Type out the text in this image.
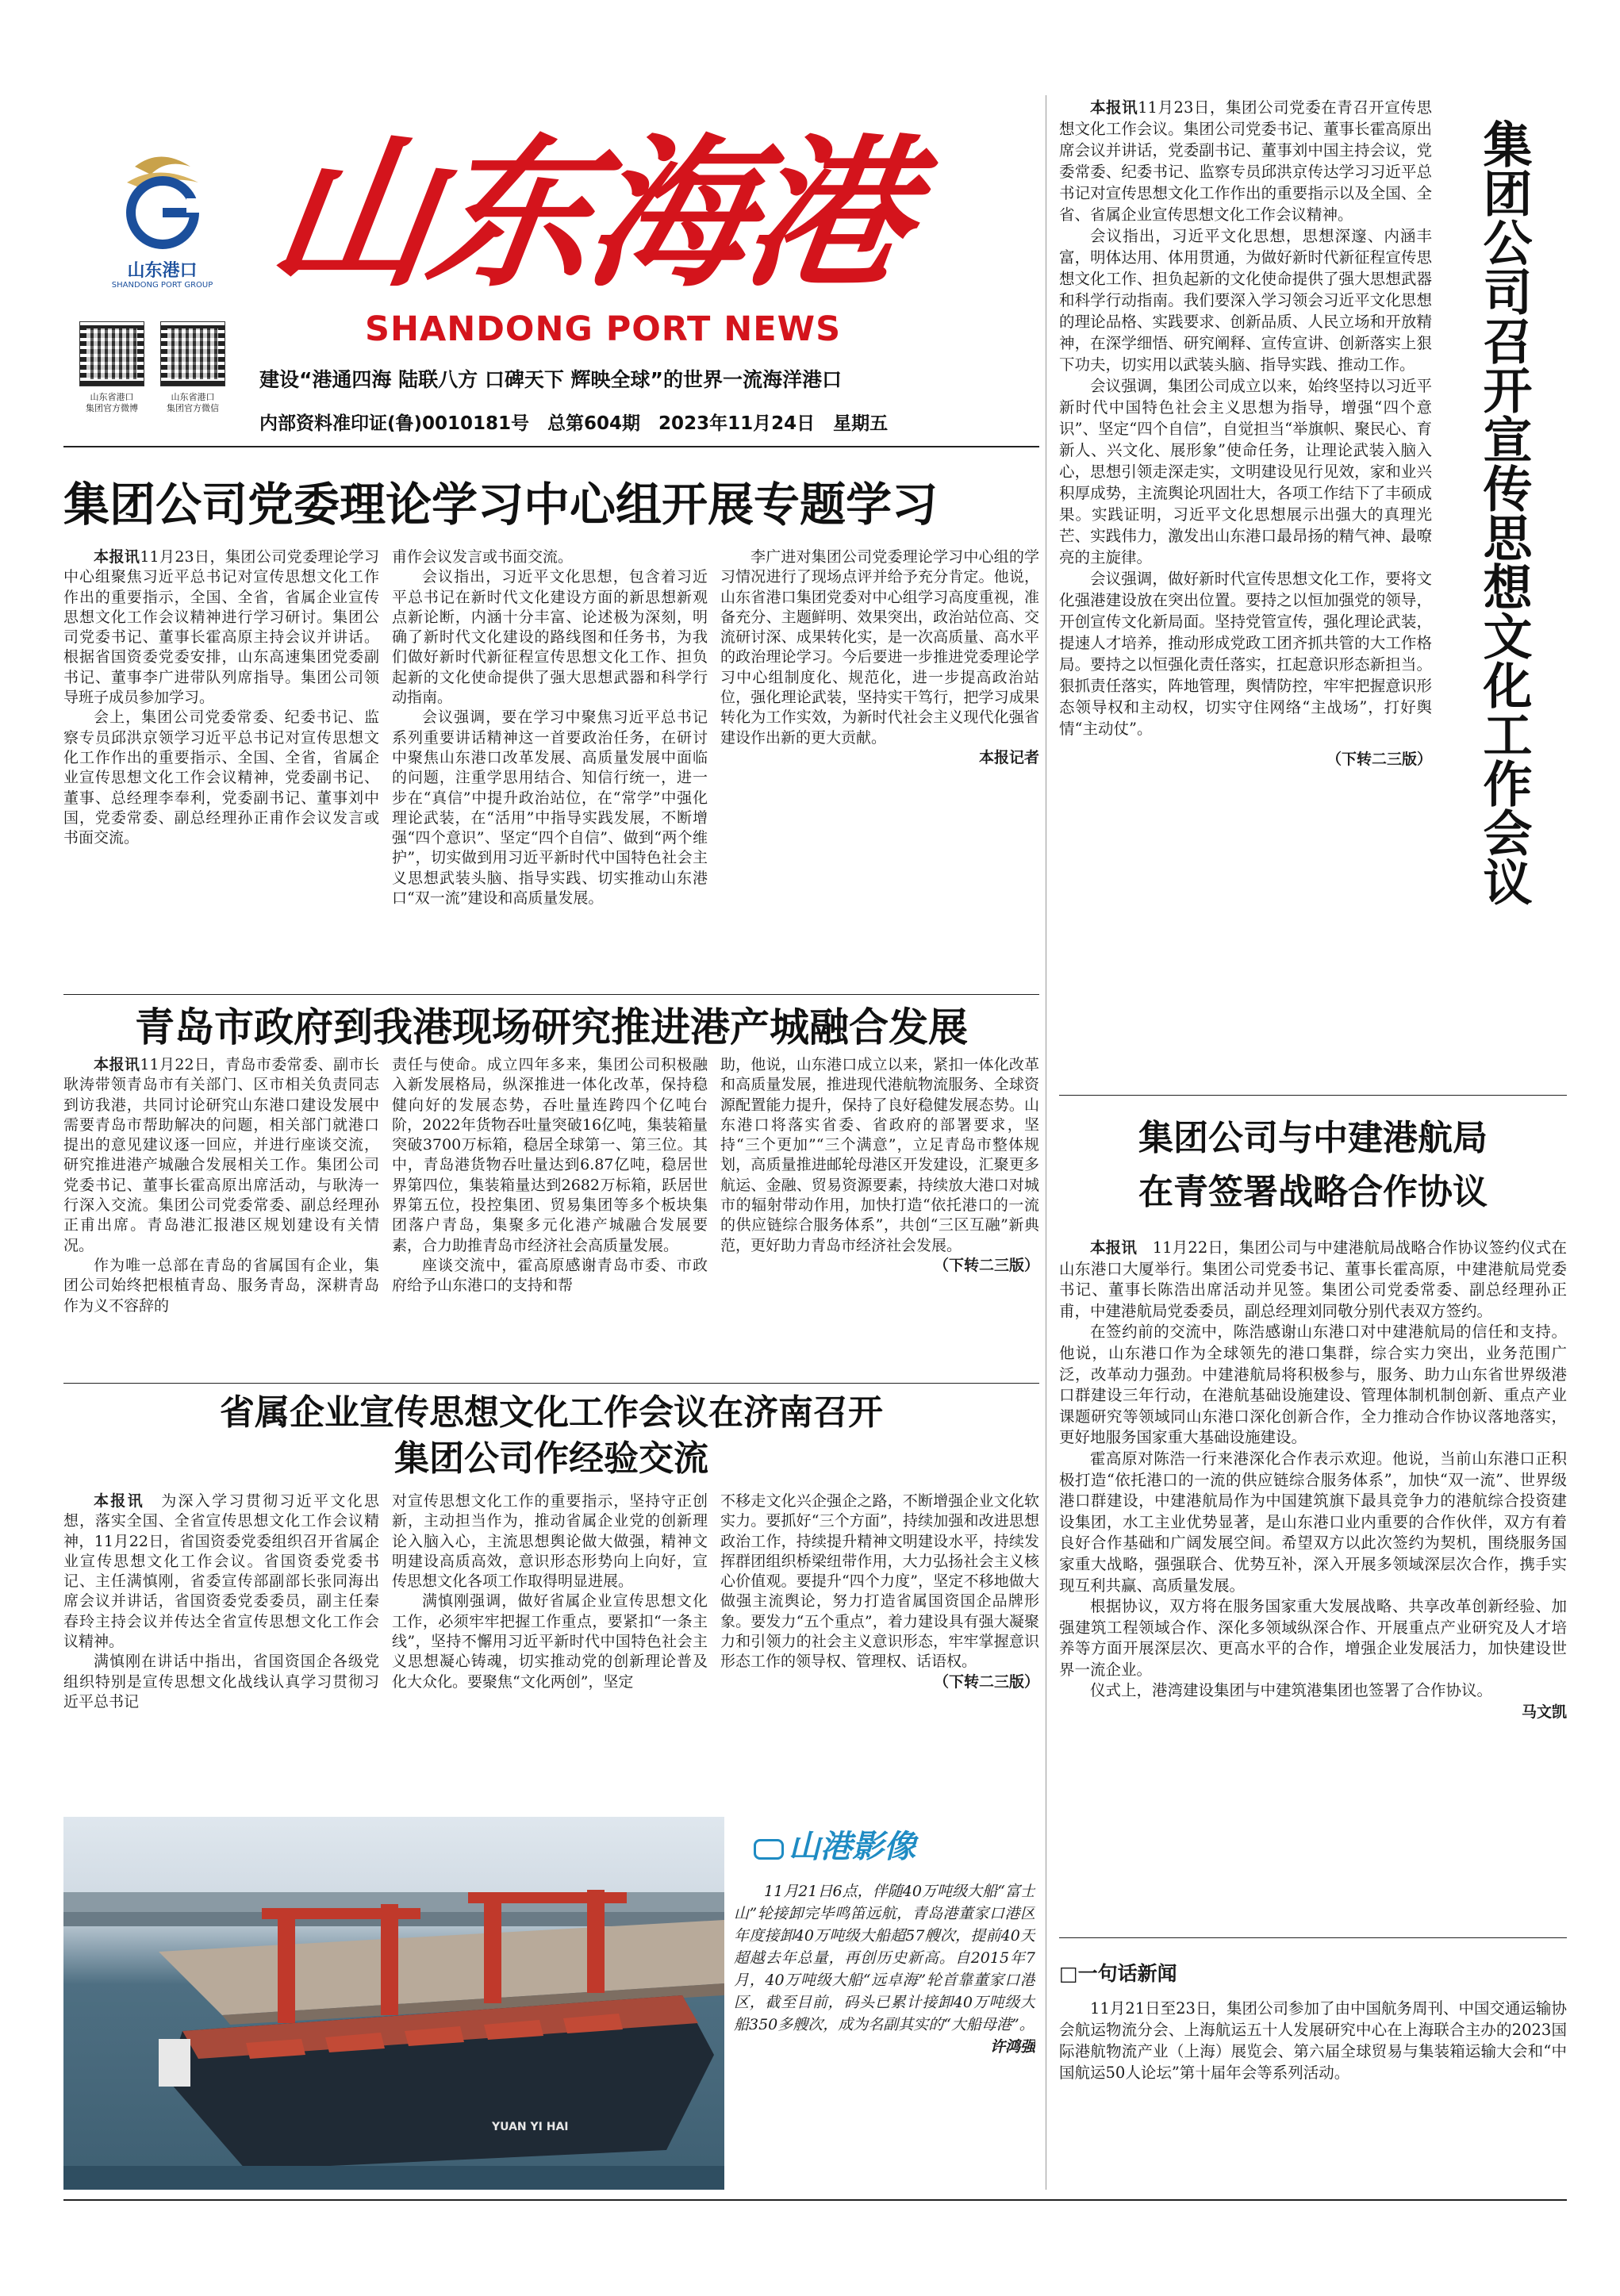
山东港口
SHANDONG PORT GROUP 山东海港
SHANDONG PORT NEWS
山东省港口
集团官方微博
山东省港口
集团官方微信
建设“港通四海 陆联八方 口碑天下 辉映全球”的世界一流海洋港口
内部资料准印证(鲁)0010181号　总第604期　2023年11月24日　星期五
集团公司党委理论学习中心组开展专题学习

本报讯11月23日，集团公司党委理论学习中心组聚焦习近平总书记对宣传思想文化工作作出的重要指示，全国、全省，省属企业宣传思想文化工作会议精神进行学习研讨。集团公司党委书记、董事长霍高原主持会议并讲话。根据省国资委党委安排，山东高速集团党委副书记、董事李广进带队列席指导。集团公司领导班子成员参加学习。

会上，集团公司党委常委、纪委书记、监察专员邱洪京领学习近平总书记对宣传思想文化工作作出的重要指示、全国、全省，省属企业宣传思想文化工作会议精神，党委副书记、董事、总经理李奉利，党委副书记、董事刘中国，党委常委、副总经理孙正甫作会议发言或书面交流。

甫作会议发言或书面交流。

会议指出，习近平文化思想，包含着习近平总书记在新时代文化建设方面的新思想新观点新论断，内涵十分丰富、论述极为深刻，明确了新时代文化建设的路线图和任务书，为我们做好新时代新征程宣传思想文化工作、担负起新的文化使命提供了强大思想武器和科学行动指南。

会议强调，要在学习中聚焦习近平总书记系列重要讲话精神这一首要政治任务，在研讨中聚焦山东港口改革发展、高质量发展中面临的问题，注重学思用结合、知信行统一，进一步在“真信”中提升政治站位，在“常学”中强化理论武装，在“活用”中指导实践发展，不断增强“四个意识”、坚定“四个自信”、做到“两个维护”，切实做到用习近平新时代中国特色社会主义思想武装头脑、指导实践、切实推动山东港口“双一流”建设和高质量发展。

李广进对集团公司党委理论学习中心组的学习情况进行了现场点评并给予充分肯定。他说，山东省港口集团党委对中心组学习高度重视，准备充分、主题鲜明、效果突出，政治站位高、交流研讨深、成果转化实，是一次高质量、高水平的政治理论学习。今后要进一步推进党委理论学习中心组制度化、规范化，进一步提高政治站位，强化理论武装，坚持实干笃行，把学习成果转化为工作实效，为新时代社会主义现代化强省建设作出新的更大贡献。

本报记者

青岛市政府到我港现场研究推进港产城融合发展

本报讯11月22日，青岛市委常委、副市长耿涛带领青岛市有关部门、区市相关负责同志到访我港，共同讨论研究山东港口建设发展中需要青岛市帮助解决的问题，相关部门就港口提出的意见建议逐一回应，并进行座谈交流，研究推进港产城融合发展相关工作。集团公司党委书记、董事长霍高原出席活动，与耿涛一行深入交流。集团公司党委常委、副总经理孙正甫出席。青岛港汇报港区规划建设有关情况。

作为唯一总部在青岛的省属国有企业，集团公司始终把根植青岛、服务青岛，深耕青岛作为义不容辞的

责任与使命。成立四年多来，集团公司积极融入新发展格局，纵深推进一体化改革，保持稳健向好的发展态势，吞吐量连跨四个亿吨台阶，2022年货物吞吐量突破16亿吨，集装箱量突破3700万标箱，稳居全球第一、第三位。其中，青岛港货物吞吐量达到6.87亿吨，稳居世界第四位，集装箱量达到2682万标箱，跃居世界第五位，投控集团、贸易集团等多个板块集团落户青岛，集聚多元化港产城融合发展要素，合力助推青岛市经济社会高质量发展。

座谈交流中，霍高原感谢青岛市委、市政府给予山东港口的支持和帮

助，他说，山东港口成立以来，紧扣一体化改革和高质量发展，推进现代港航物流服务、全球资源配置能力提升，保持了良好稳健发展态势。山东港口将落实省委、省政府的部署要求，坚持“三个更加”“三个满意”，立足青岛市整体规划，高质量推进邮轮母港区开发建设，汇聚更多航运、金融、贸易资源要素，持续放大港口对城市的辐射带动作用，加快打造“依托港口的一流的供应链综合服务体系”，共创“三区互融”新典范，更好助力青岛市经济社会发展。

（下转二三版）

省属企业宣传思想文化工作会议在济南召开
集团公司作经验交流

本报讯　 为深入学习贯彻习近平文化思想，落实全国、全省宣传思想文化工作会议精神，11月22日，省国资委党委组织召开省属企业宣传思想文化工作会议。省国资委党委书记、主任满慎刚，省委宣传部副部长张同海出席会议并讲话，省国资委党委委员，副主任秦春玲主持会议并传达全省宣传思想文化工作会议精神。

满慎刚在讲话中指出，省国资国企各级党组织特别是宣传思想文化战线认真学习贯彻习近平总书记

对宣传思想文化工作的重要指示，坚持守正创新，主动担当作为，推动省属企业党的创新理论入脑入心，主流思想舆论做大做强，精神文明建设高质高效，意识形态形势向上向好，宣传思想文化各项工作取得明显进展。

满慎刚强调，做好省属企业宣传思想文化工作，必须牢牢把握工作重点，要紧扣“一条主线”，坚持不懈用习近平新时代中国特色社会主义思想凝心铸魂，切实推动党的创新理论普及化大众化。要聚焦“文化两创”，坚定

不移走文化兴企强企之路，不断增强企业文化软实力。要抓好“三个方面”，持续加强和改进思想政治工作，持续提升精神文明建设水平，持续发挥群团组织桥梁纽带作用，大力弘扬社会主义核心价值观。要提升“四个力度”，坚定不移地做大做强主流舆论，努力打造省属国资国企品牌形象。要发力“五个重点”，着力建设具有强大凝聚力和引领力的社会主义意识形态，牢牢掌握意识形态工作的领导权、管理权、话语权。

（下转二三版）

YUAN YI HAI
山港影像

11月21日6点，伴随40万吨级大船“富士山”轮接卸完毕鸣笛远航，青岛港董家口港区年度接卸40万吨级大船超57艘次，提前40天超越去年总量，再创历史新高。自2015年7月，40万吨级大船“远卓海”轮首靠董家口港区，截至目前，码头已累计接卸40万吨级大船350多艘次，成为名副其实的“大船母港”。

许鸿强

本报讯11月23日，集团公司党委在青召开宣传思想文化工作会议。集团公司党委书记、董事长霍高原出席会议并讲话，党委副书记、董事刘中国主持会议，党委常委、纪委书记、监察专员邱洪京传达学习习近平总书记对宣传思想文化工作作出的重要指示以及全国、全省、省属企业宣传思想文化工作会议精神。

会议指出，习近平文化思想，思想深邃、内涵丰富，明体达用、体用贯通，为做好新时代新征程宣传思想文化工作、担负起新的文化使命提供了强大思想武器和科学行动指南。我们要深入学习领会习近平文化思想的理论品格、实践要求、创新品质、人民立场和开放精神，在深学细悟、研究阐释、宣传宣讲、创新落实上狠下功夫，切实用以武装头脑、指导实践、推动工作。

会议强调，集团公司成立以来，始终坚持以习近平新时代中国特色社会主义思想为指导，增强“四个意识”、坚定“四个自信”，自觉担当“举旗帜、聚民心、育新人、兴文化、展形象”使命任务，让理论武装入脑入心，思想引领走深走实，文明建设见行见效，家和业兴积厚成势，主流舆论巩固壮大，各项工作结下了丰硕成果。实践证明，习近平文化思想展示出强大的真理光芒、实践伟力，激发出山东港口最昂扬的精气神、最嘹亮的主旋律。

会议强调，做好新时代宣传思想文化工作，要将文化强港建设放在突出位置。要持之以恒加强党的领导，开创宣传文化新局面。坚持党管宣传，强化理论武装，提速人才培养，推动形成党政工团齐抓共管的大工作格局。要持之以恒强化责任落实，扛起意识形态新担当。狠抓责任落实，阵地管理，舆情防控，牢牢把握意识形态领导权和主动权，切实守住网络“主战场”，打好舆情“主动仗”。

（下转二三版） 集团公司召开宣传思想文化工作会议
集团公司与中建港航局
在青签署战略合作协议

本报讯　 11月22日，集团公司与中建港航局战略合作协议签约仪式在山东港口大厦举行。集团公司党委书记、董事长霍高原，中建港航局党委书记、董事长陈浩出席活动并见签。集团公司党委常委、副总经理孙正甫，中建港航局党委委员，副总经理刘同敬分别代表双方签约。

在签约前的交流中，陈浩感谢山东港口对中建港航局的信任和支持。他说，山东港口作为全球领先的港口集群，综合实力突出，业务范围广泛，改革动力强劲。中建港航局将积极参与，服务、助力山东省世界级港口群建设三年行动，在港航基础设施建设、管理体制机制创新、重点产业课题研究等领域同山东港口深化创新合作，全力推动合作协议落地落实，更好地服务国家重大基础设施建设。

霍高原对陈浩一行来港深化合作表示欢迎。他说，当前山东港口正积极打造“依托港口的一流的供应链综合服务体系”，加快“双一流”、世界级港口群建设，中建港航局作为中国建筑旗下最具竞争力的港航综合投资建设集团，水工主业优势显著，是山东港口业内重要的合作伙伴，双方有着良好合作基础和广阔发展空间。希望双方以此次签约为契机，围绕服务国家重大战略，强强联合、优势互补，深入开展多领域深层次合作，携手实现互利共赢、高质量发展。

根据协议，双方将在服务国家重大发展战略、共享改革创新经验、加强建筑工程领域合作、深化多领域纵深合作、开展重点产业研究及人才培养等方面开展深层次、更高水平的合作，增强企业发展活力，加快建设世界一流企业。

仪式上，港湾建设集团与中建筑港集团也签署了合作协议。

马文凯

□一句话新闻

11月21日至23日，集团公司参加了由中国航务周刊、中国交通运输协会航运物流分会、上海航运五十人发展研究中心在上海联合主办的2023国际港航物流产业（上海）展览会、第六届全球贸易与集装箱运输大会和“中国航运50人论坛”第十届年会等系列活动。
